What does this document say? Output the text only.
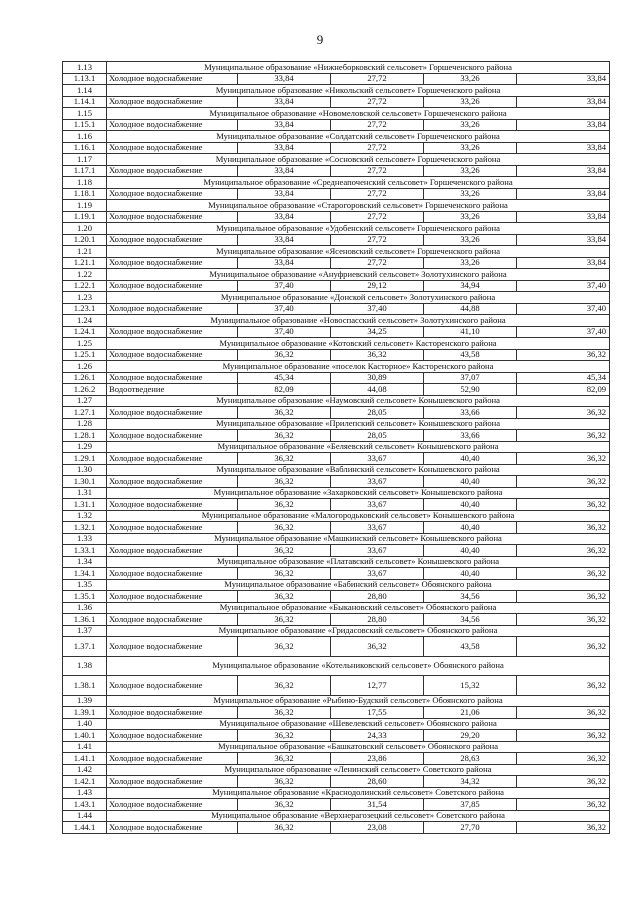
9
1.13	Муниципальное образование «Нижнеборковский сельсовет» Горшеченского района				
1.13.1	Холодное водоснабжение	33,84	27,72	33,26	33,84
1.14	Муниципальное образование «Никольский сельсовет» Горшеченского района				
1.14.1	Холодное водоснабжение	33,84	27,72	33,26	33,84
1.15	Муниципальное образование «Новомеловской сельсовет» Горшеченского района				
1.15.1	Холодное водоснабжение	33,84	27,72	33,26	33,84
1.16	Муниципальное образование «Солдатский сельсовет» Горшеченского района				
1.16.1	Холодное водоснабжение	33,84	27,72	33,26	33,84
1.17	Муниципальное образование «Сосновский сельсовет» Горшеченского района				
1.17.1	Холодное водоснабжение	33,84	27,72	33,26	33,84
1.18	Муниципальное образование «Среднеапоченский сельсовет» Горшеченского района				
1.18.1	Холодное водоснабжение	33,84	27,72	33,26	33,84
1.19	Муниципальное образование «Старогоровский сельсовет» Горшеченского района				
1.19.1	Холодное водоснабжение	33,84	27,72	33,26	33,84
1.20	Муниципальное образование «Удобенский сельсовет» Горшеченского района				
1.20.1	Холодное водоснабжение	33,84	27,72	33,26	33,84
1.21	Муниципальное образование «Ясеновский сельсовет» Горшеченского района				
1.21.1	Холодное водоснабжение	33,84	27,72	33,26	33,84
1.22	Муниципальное образование «Ануфриевский сельсовет» Золотухинского района				
1.22.1	Холодное водоснабжение	37,40	29,12	34,94	37,40
1.23	Муниципальное образование «Донской сельсовет» Золотухинского района				
1.23.1	Холодное водоснабжение	37,40	37,40	44,88	37,40
1.24	Муниципальное образование «Новоспасский сельсовет» Золотухинского района				
1.24.1	Холодное водоснабжение	37,40	34,25	41,10	37,40
1.25	Муниципальное образование «Котовский сельсовет» Касторенского района				
1.25.1	Холодное водоснабжение	36,32	36,32	43,58	36,32
1.26	Муниципальное образование «поселок Касторное» Касторенского района				
1.26.1	Холодное водоснабжение	45,34	30,89	37,07	45,34
1.26.2	Водоотведение	82,09	44,08	52,90	82,09
1.27	Муниципальное образование «Наумовский сельсовет» Конышевского района				
1.27.1	Холодное водоснабжение	36,32	28,05	33,66	36,32
1.28	Муниципальное образование «Прилепский сельсовет» Конышевского района				
1.28.1	Холодное водоснабжение	36,32	28,05	33,66	36,32
1.29	Муниципальное образование «Беляевский сельсовет» Конышевского района				
1.29.1	Холодное водоснабжение	36,32	33,67	40,40	36,32
1.30	Муниципальное образование «Ваблинский сельсовет» Конышевского района				
1.30.1	Холодное водоснабжение	36,32	33,67	40,40	36,32
1.31	Муниципальное образование «Захарковский сельсовет» Конышевского района				
1.31.1	Холодное водоснабжение	36,32	33,67	40,40	36,32
1.32	Муниципальное образование «Малогородьковский сельсовет» Конышевского района				
1.32.1	Холодное водоснабжение	36,32	33,67	40,40	36,32
1.33	Муниципальное образование «Машкинский сельсовет» Конышевского района				
1.33.1	Холодное водоснабжение	36,32	33,67	40,40	36,32
1.34	Муниципальное образование «Платавский сельсовет» Конышевского района				
1.34.1	Холодное водоснабжение	36,32	33,67	40,40	36,32
1.35	Муниципальное образование «Бабинский сельсовет» Обоянского района				
1.35.1	Холодное водоснабжение	36,32	28,80	34,56	36,32
1.36	Муниципальное образование «Быкановский сельсовет» Обоянского района				
1.36.1	Холодное водоснабжение	36,32	28,80	34,56	36,32
1.37	Муниципальное образование «Гридасовский сельсовет» Обоянского района				
1.37.1	Холодное водоснабжение	36,32	36,32	43,58	36,32
1.38	Муниципальное образование «Котельниковский сельсовет» Обоянского района				
1.38.1	Холодное водоснабжение	36,32	12,77	15,32	36,32
1.39	Муниципальное образование «Рыбино-Будский сельсовет» Обоянского района				
1.39.1	Холодное водоснабжение	36,32	17,55	21,06	36,32
1.40	Муниципальное образование «Шевелевский сельсовет» Обоянского района				
1.40.1	Холодное водоснабжение	36,32	24,33	29,20	36,32
1.41	Муниципальное образование «Башкатовский сельсовет» Обоянского района				
1.41.1	Холодное водоснабжение	36,32	23,86	28,63	36,32
1.42	Муниципальное образование «Ленинский сельсовет» Советского района				
1.42.1	Холодное водоснабжение	36,32	28,60	34,32	36,32
1.43	Муниципальное образование «Краснодолинский сельсовет» Советского района				
1.43.1	Холодное водоснабжение	36,32	31,54	37,85	36,32
1.44	Муниципальное образование «Верхнерагозецкий сельсовет» Советского района				
1.44.1	Холодное водоснабжение	36,32	23,08	27,70	36,32
